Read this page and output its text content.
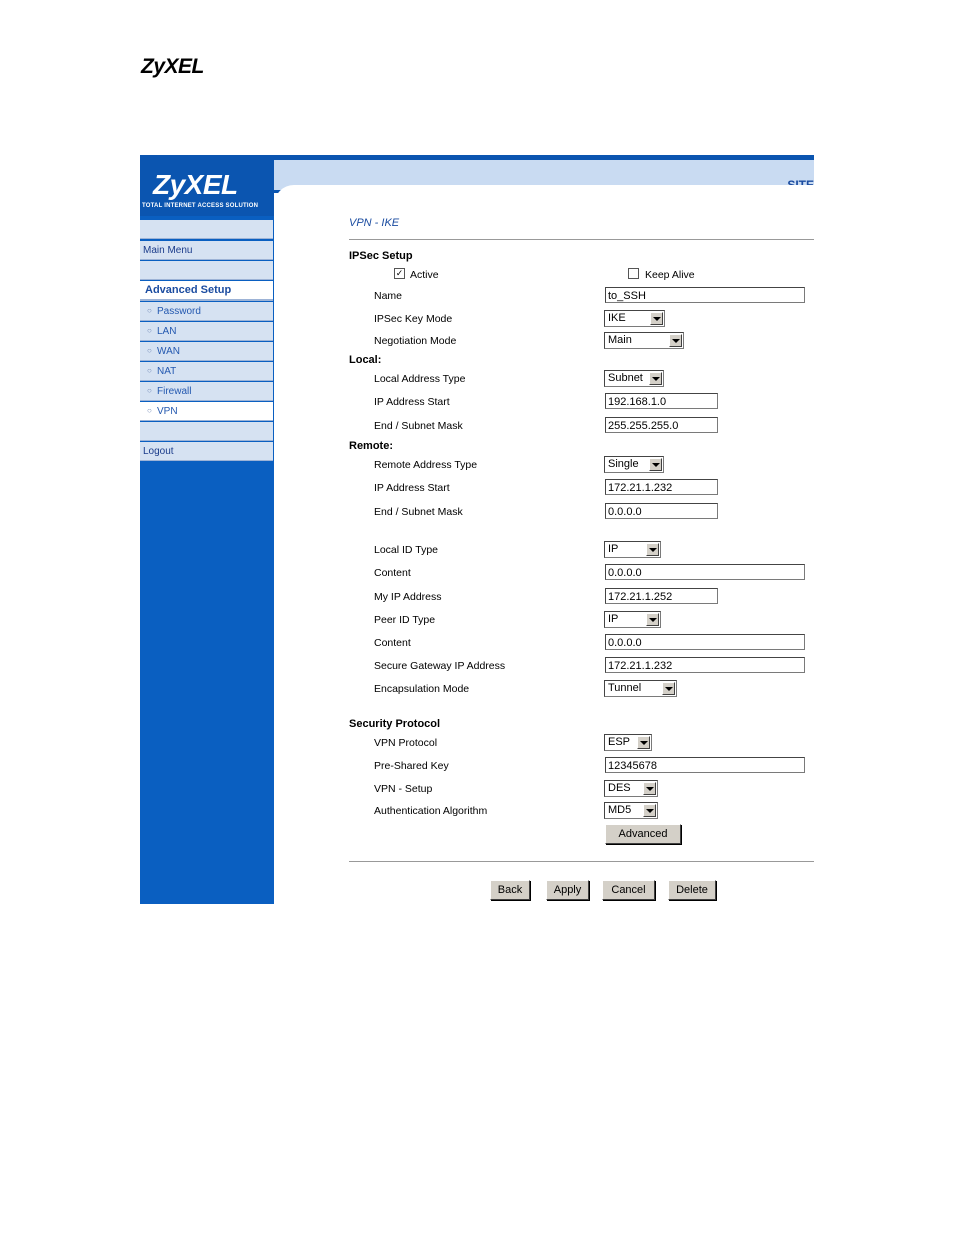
ZyXEL
ZyXEL
TOTAL INTERNET ACCESS SOLUTION
Main Menu
Advanced Setup
○ Password
○ LAN
○ WAN
○ NAT
○ Firewall
○ VPN
Logout
VPN - IKE
IPSec Setup
✓ Active	Keep Alive
Name	to_SSH
IPSec Key Mode	IKE
Negotiation Mode	Main
Local:
Local Address Type	Subnet
IP Address Start	192.168.1.0
End / Subnet Mask	255.255.255.0
Remote:
Remote Address Type	Single
IP Address Start	172.21.1.232
End / Subnet Mask	0.0.0.0
Local ID Type	IP
Content	0.0.0.0
My IP Address	172.21.1.252
Peer ID Type	IP
Content	0.0.0.0
Secure Gateway IP Address	172.21.1.232
Encapsulation Mode	Tunnel
Security Protocol
VPN Protocol	ESP
Pre-Shared Key	12345678
VPN - Setup	DES
Authentication Algorithm	MD5
Advanced
Back	Apply	Cancel	Delete
